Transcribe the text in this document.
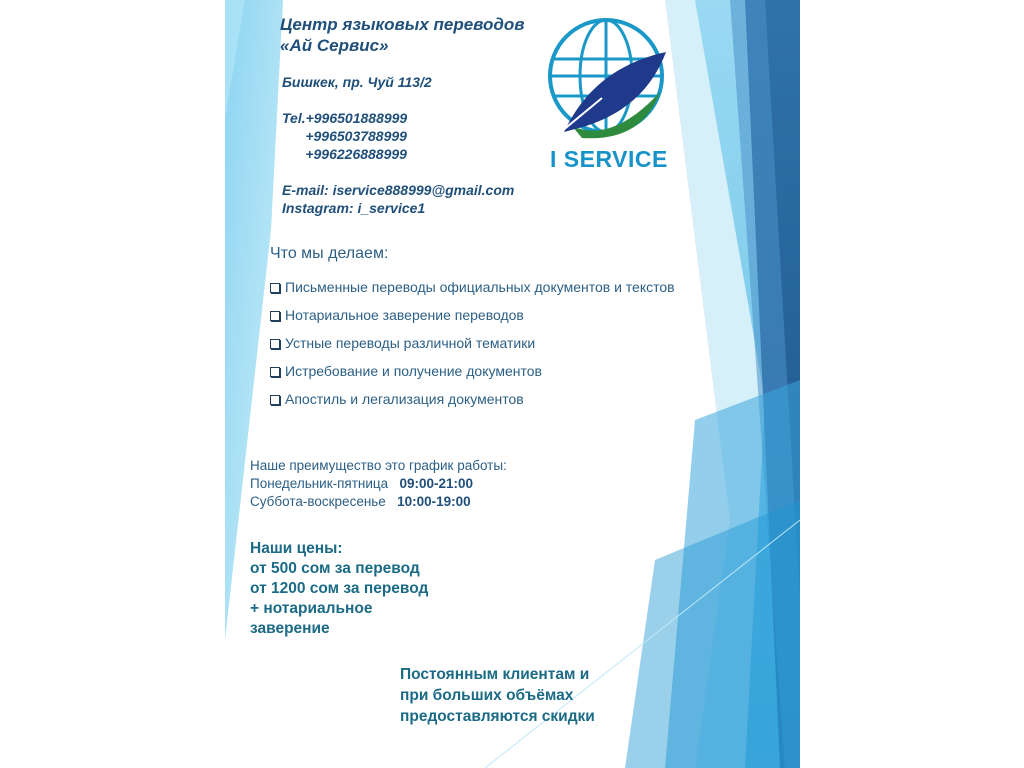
Центр языковых переводов
«Ай Сервис»
Бишкек, пр. Чуй 113/2
Tel.+996501888999
+996503788999
+996226888999
E-mail: iservice888999@gmail.com
Instagram: i_service1
I SERVICE
Что мы делаем:
Письменные переводы официальных документов и текстов
Нотариальное заверение переводов
Устные переводы различной тематики
Истребование и получение документов
Апостиль и легализация документов
Наше преимущество это график работы:
Понедельник-пятница 09:00-21:00
Суббота-воскресенье 10:00-19:00
Наши цены:
от 500 сом за перевод
от 1200 сом за перевод
+ нотариальное
заверение
Постоянным клиентам и
при больших объёмах
предоставляются скидки
